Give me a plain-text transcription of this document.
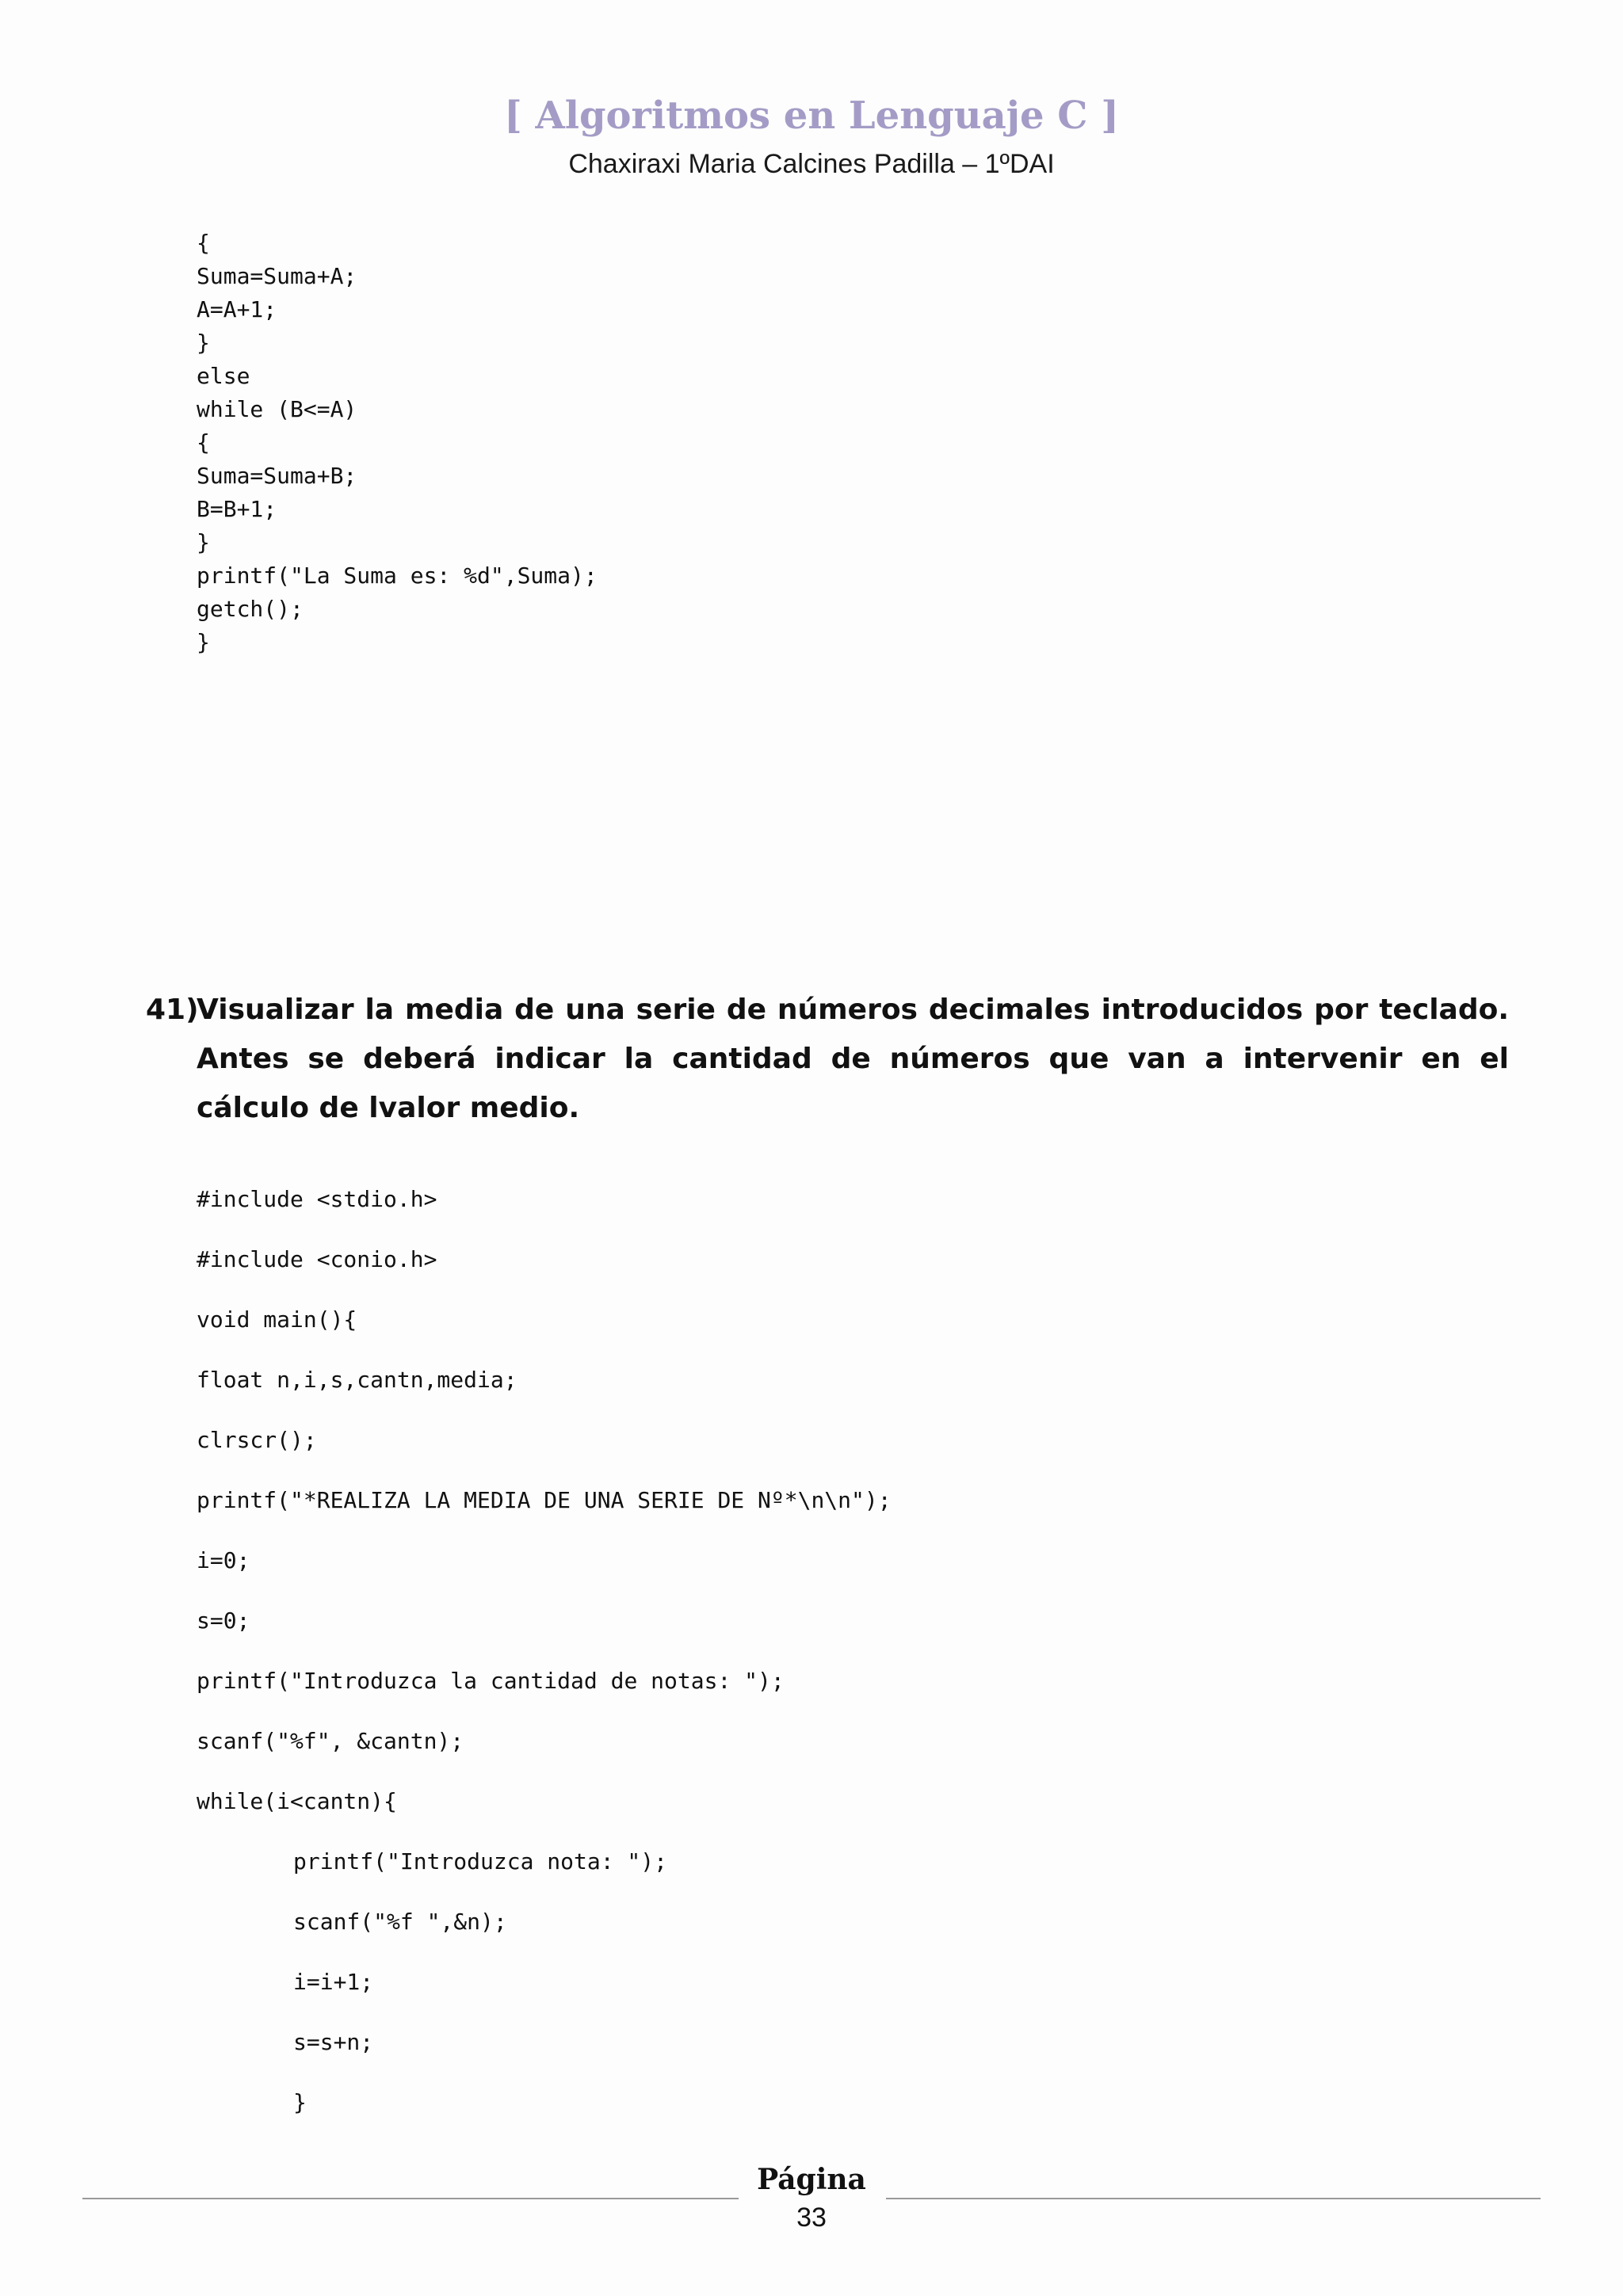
[ Algoritmos en Lenguaje C ]

Chaxiraxi Maria Calcines Padilla – 1ºDAI

{
Suma=Suma+A;
A=A+1;
}
else
while (B<=A)
{
Suma=Suma+B;
B=B+1;
}
printf("La Suma es: %d",Suma);
getch();
}
41)
Visualizar la media de una serie de números decimales introducidos por teclado. Antes se deberá indicar la cantidad de números que van a intervenir en el cálculo de lvalor medio.
#include <stdio.h>
#include <conio.h>
void main(){
float n,i,s,cantn,media;
clrscr();
printf("*REALIZA LA MEDIA DE UNA SERIE DE Nº*\n\n");
i=0;
s=0;
printf("Introduzca la cantidad de notas: ");
scanf("%f", &cantn);
while(i<cantn){
printf("Introduzca nota: ");
scanf("%f ",&n);
i=i+1;
s=s+n;
}
Página
33
